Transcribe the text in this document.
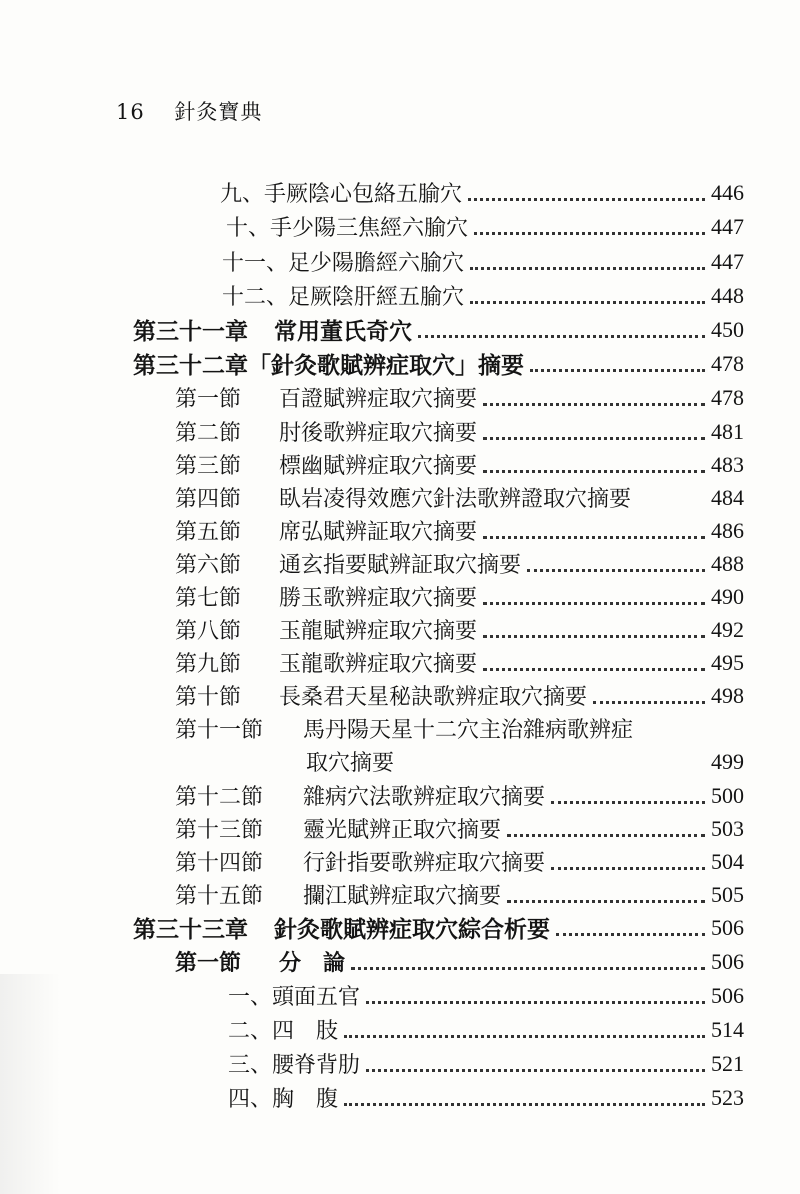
16 針灸寶典
九、手厥陰心包絡五腧穴	446
十、手少陽三焦經六腧穴	447
十一、足少陽膽經六腧穴	447
十二、足厥陰肝經五腧穴	448
第三十一章 常用董氏奇穴	450
第三十二章 「針灸歌賦辨症取穴」摘要	478
第一節	百證賦辨症取穴摘要	478
第二節	肘後歌辨症取穴摘要	481
第三節	標幽賦辨症取穴摘要	483
第四節	臥岩凌得效應穴針法歌辨證取穴摘要	484
第五節	席弘賦辨証取穴摘要	486
第六節	通玄指要賦辨証取穴摘要	488
第七節	勝玉歌辨症取穴摘要	490
第八節	玉龍賦辨症取穴摘要	492
第九節	玉龍歌辨症取穴摘要	495
第十節	長桑君天星秘訣歌辨症取穴摘要	498
第十一節	馬丹陽天星十二穴主治雜病歌辨症
取穴摘要	499
第十二節	雜病穴法歌辨症取穴摘要	500
第十三節	靈光賦辨正取穴摘要	503
第十四節	行針指要歌辨症取穴摘要	504
第十五節	攔江賦辨症取穴摘要	505
第三十三章 針灸歌賦辨症取穴綜合析要	506
第一節	分　論	506
一、頭面五官	506
二、四　肢	514
三、腰脊背肋	521
四、胸　腹	523
